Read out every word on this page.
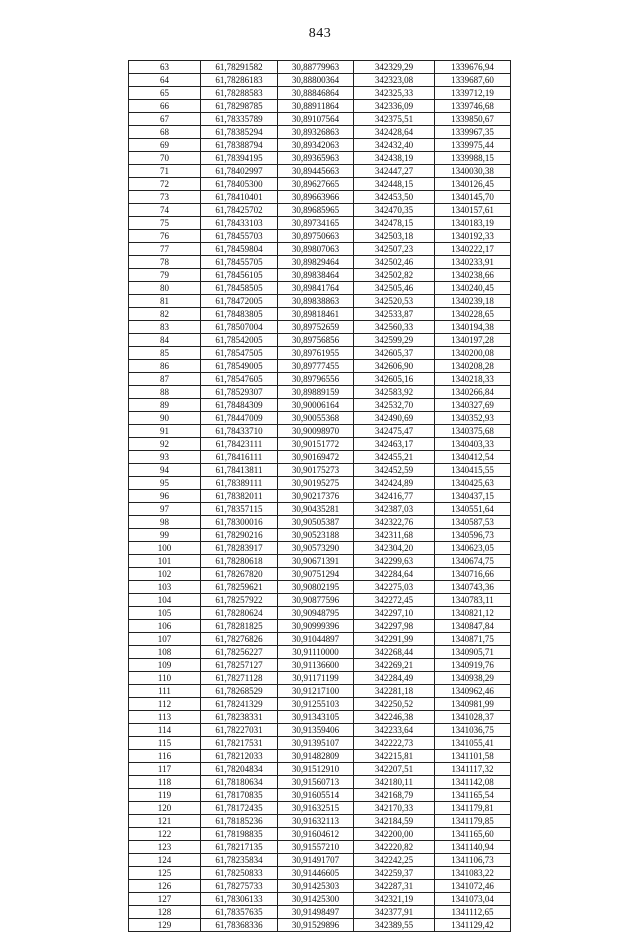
843
63	61,78291582	30,88779963	342329,29	1339676,94
64	61,78286183	30,88800364	342323,08	1339687,60
65	61,78288583	30,88846864	342325,33	1339712,19
66	61,78298785	30,88911864	342336,09	1339746,68
67	61,78335789	30,89107564	342375,51	1339850,67
68	61,78385294	30,89326863	342428,64	1339967,35
69	61,78388794	30,89342063	342432,40	1339975,44
70	61,78394195	30,89365963	342438,19	1339988,15
71	61,78402997	30,89445663	342447,27	1340030,38
72	61,78405300	30,89627665	342448,15	1340126,45
73	61,78410401	30,89663966	342453,50	1340145,70
74	61,78425702	30,89685965	342470,35	1340157,61
75	61,78433103	30,89734165	342478,15	1340183,19
76	61,78455703	30,89750663	342503,18	1340192,33
77	61,78459804	30,89807063	342507,23	1340222,17
78	61,78455705	30,89829464	342502,46	1340233,91
79	61,78456105	30,89838464	342502,82	1340238,66
80	61,78458505	30,89841764	342505,46	1340240,45
81	61,78472005	30,89838863	342520,53	1340239,18
82	61,78483805	30,89818461	342533,87	1340228,65
83	61,78507004	30,89752659	342560,33	1340194,38
84	61,78542005	30,89756856	342599,29	1340197,28
85	61,78547505	30,89761955	342605,37	1340200,08
86	61,78549005	30,89777455	342606,90	1340208,28
87	61,78547605	30,89796556	342605,16	1340218,33
88	61,78529307	30,89889159	342583,92	1340266,84
89	61,78484309	30,90006164	342532,70	1340327,69
90	61,78447009	30,90055368	342490,69	1340352,93
91	61,78433710	30,90098970	342475,47	1340375,68
92	61,78423111	30,90151772	342463,17	1340403,33
93	61,78416111	30,90169472	342455,21	1340412,54
94	61,78413811	30,90175273	342452,59	1340415,55
95	61,78389111	30,90195275	342424,89	1340425,63
96	61,78382011	30,90217376	342416,77	1340437,15
97	61,78357115	30,90435281	342387,03	1340551,64
98	61,78300016	30,90505387	342322,76	1340587,53
99	61,78290216	30,90523188	342311,68	1340596,73
100	61,78283917	30,90573290	342304,20	1340623,05
101	61,78280618	30,90671391	342299,63	1340674,75
102	61,78267820	30,90751294	342284,64	1340716,66
103	61,78259621	30,90802195	342275,03	1340743,36
104	61,78257922	30,90877596	342272,45	1340783,11
105	61,78280624	30,90948795	342297,10	1340821,12
106	61,78281825	30,90999396	342297,98	1340847,84
107	61,78276826	30,91044897	342291,99	1340871,75
108	61,78256227	30,91110000	342268,44	1340905,71
109	61,78257127	30,91136600	342269,21	1340919,76
110	61,78271128	30,91171199	342284,49	1340938,29
111	61,78268529	30,91217100	342281,18	1340962,46
112	61,78241329	30,91255103	342250,52	1340981,99
113	61,78238331	30,91343105	342246,38	1341028,37
114	61,78227031	30,91359406	342233,64	1341036,75
115	61,78217531	30,91395107	342222,73	1341055,41
116	61,78212033	30,91482809	342215,81	1341101,58
117	61,78204834	30,91512910	342207,51	1341117,32
118	61,78180634	30,91560713	342180,11	1341142,08
119	61,78170835	30,91605514	342168,79	1341165,54
120	61,78172435	30,91632515	342170,33	1341179,81
121	61,78185236	30,91632113	342184,59	1341179,85
122	61,78198835	30,91604612	342200,00	1341165,60
123	61,78217135	30,91557210	342220,82	1341140,94
124	61,78235834	30,91491707	342242,25	1341106,73
125	61,78250833	30,91446605	342259,37	1341083,22
126	61,78275733	30,91425303	342287,31	1341072,46
127	61,78306133	30,91425300	342321,19	1341073,04
128	61,78357635	30,91498497	342377,91	1341112,65
129	61,78368336	30,91529896	342389,55	1341129,42
